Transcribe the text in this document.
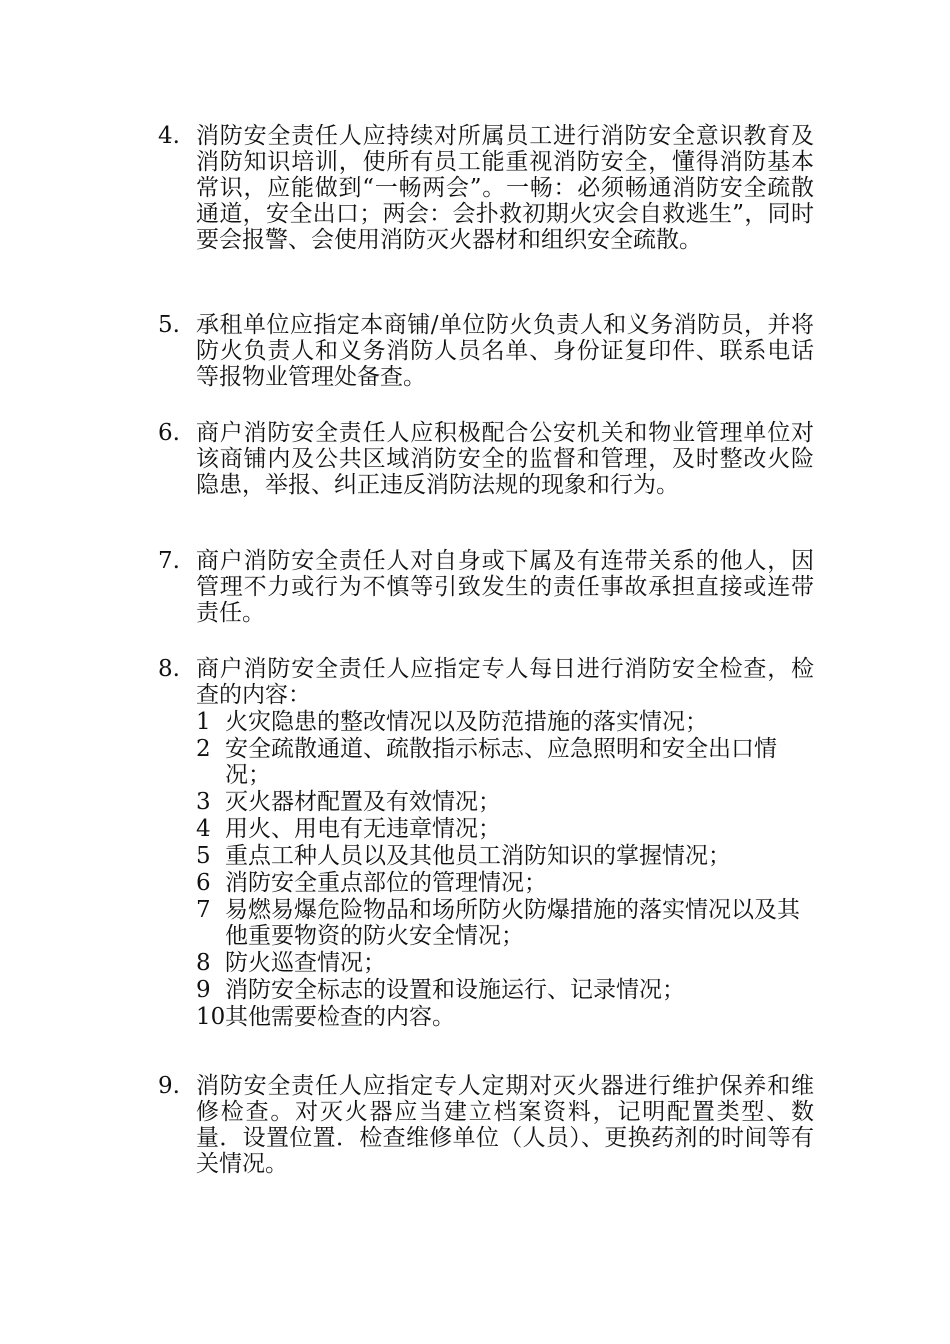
4. 消防安全责任人应持续对所属员工进行消防安全意识教育及消防知识培训，使所有员工能重视消防安全，懂得消防基本常识，应能做到“一畅两会”。一畅：必须畅通消防安全疏散通道，安全出口；两会：会扑救初期火灾会自救逃生”，同时要会报警、会使用消防灭火器材和组织安全疏散。
5. 承租单位应指定本商铺/单位防火负责人和义务消防员，并将防火负责人和义务消防人员名单、身份证复印件、联系电话等报物业管理处备查。
6. 商户消防安全责任人应积极配合公安机关和物业管理单位对该商铺内及公共区域消防安全的监督和管理，及时整改火险隐患，举报、纠正违反消防法规的现象和行为。
7. 商户消防安全责任人对自身或下属及有连带关系的他人，因管理不力或行为不慎等引致发生的责任事故承担直接或连带责任。
8. 商户消防安全责任人应指定专人每日进行消防安全检查，检查的内容：
1 火灾隐患的整改情况以及防范措施的落实情况；
2 安全疏散通道、疏散指示标志、应急照明和安全出口情况；
3 灭火器材配置及有效情况；
4 用火、用电有无违章情况；
5 重点工种人员以及其他员工消防知识的掌握情况；
6 消防安全重点部位的管理情况；
7 易燃易爆危险物品和场所防火防爆措施的落实情况以及其他重要物资的防火安全情况；
8 防火巡查情况；
9 消防安全标志的设置和设施运行、记录情况；
10 其他需要检查的内容。
9. 消防安全责任人应指定专人定期对灭火器进行维护保养和维修检查。对灭火器应当建立档案资料，记明配置类型、数量．设置位置．检查维修单位（人员）、更换药剂的时间等有关情况。
